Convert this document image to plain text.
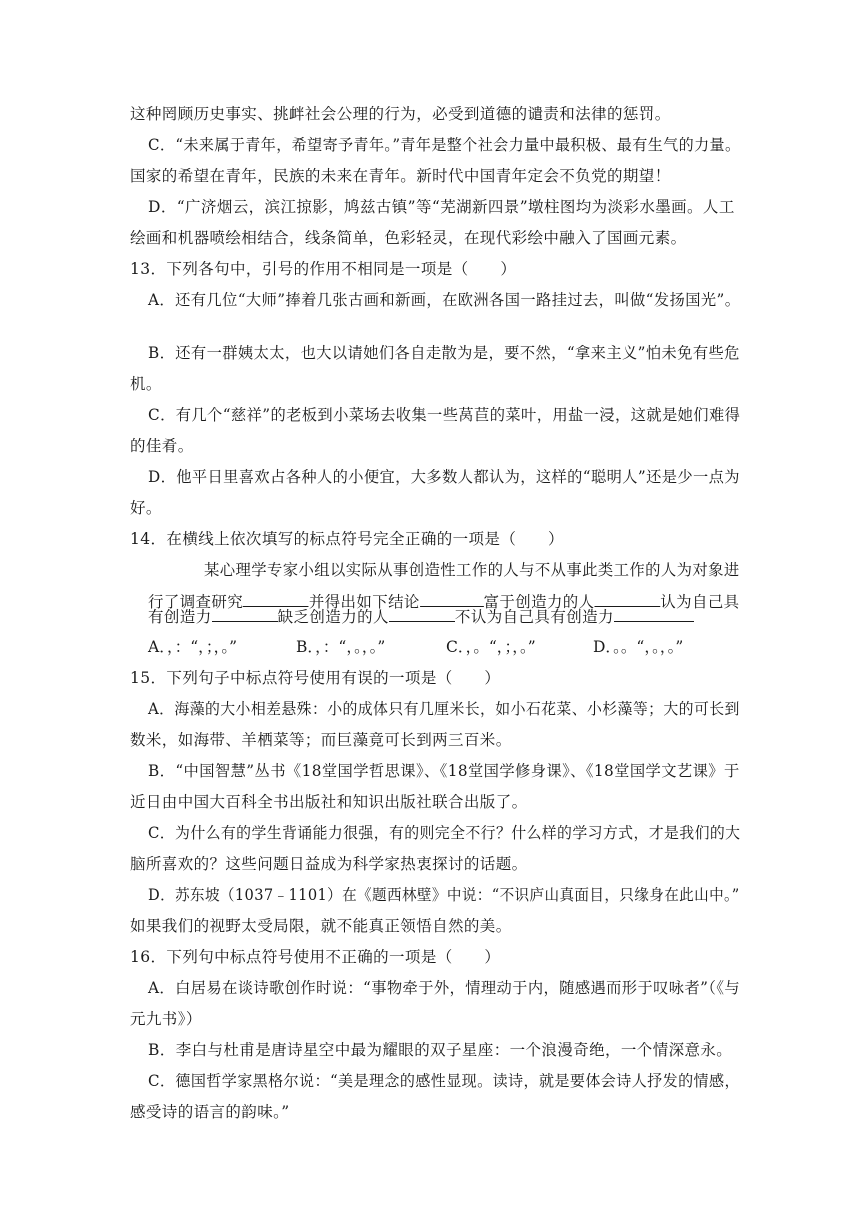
这种罔顾历史事实、挑衅社会公理的行为，必受到道德的谴责和法律的惩罚。
C．“未来属于青年，希望寄予青年。”青年是整个社会力量中最积极、最有生气的力量。
国家的希望在青年，民族的未来在青年。新时代中国青年定会不负党的期望！
D．“广济烟云，滨江掠影，鸠兹古镇”等“芜湖新四景”墩柱图均为淡彩水墨画。人工
绘画和机器喷绘相结合，线条简单，色彩轻灵，在现代彩绘中融入了国画元素。
13．下列各句中，引号的作用不相同是一项是（　　）
A．还有几位“大师”捧着几张古画和新画，在欧洲各国一路挂过去，叫做“发扬国光”。
B．还有一群姨太太，也大以请她们各自走散为是，要不然，“拿来主义”怕未免有些危
机。
C．有几个“慈祥”的老板到小菜场去收集一些莴苣的菜叶，用盐一浸，这就是她们难得
的佳肴。
D．他平日里喜欢占各种人的小便宜，大多数人都认为，这样的“聪明人”还是少一点为
好。
14．在横线上依次填写的标点符号完全正确的一项是（　　）
某心理学专家小组以实际从事创造性工作的人与不从事此类工作的人为对象进
行了调查研究	并得出如下结论	富于创造力的人	认为自己具
有创造力	缺乏创造力的人	不认为自己具有创造力
A．，：“，；，。”	B．，：“，。，。”	C．，。“，；，。”	D．。。“，。，。”
15．下列句子中标点符号使用有误的一项是（　　）
A．海藻的大小相差悬殊：小的成体只有几厘米长，如小石花菜、小杉藻等；大的可长到
数米，如海带、羊栖菜等；而巨藻竟可长到两三百米。
B．“中国智慧”丛书《18堂国学哲思课》、《18堂国学修身课》、《18堂国学文艺课》于
近日由中国大百科全书出版社和知识出版社联合出版了。
C．为什么有的学生背诵能力很强，有的则完全不行？什么样的学习方式，才是我们的大
脑所喜欢的？这些问题日益成为科学家热衷探讨的话题。
D．苏东坡（1037﹣1101）在《题西林壁》中说：“不识庐山真面目，只缘身在此山中。”
如果我们的视野太受局限，就不能真正领悟自然的美。
16．下列句中标点符号使用不正确的一项是（　　）
A．白居易在谈诗歌创作时说：“事物牵于外，情理动于内，随感遇而形于叹咏者”（《与
元九书》）
B．李白与杜甫是唐诗星空中最为耀眼的双子星座：一个浪漫奇绝，一个情深意永。
C．德国哲学家黑格尔说：“美是理念的感性显现。读诗，就是要体会诗人抒发的情感，
感受诗的语言的韵味。”
